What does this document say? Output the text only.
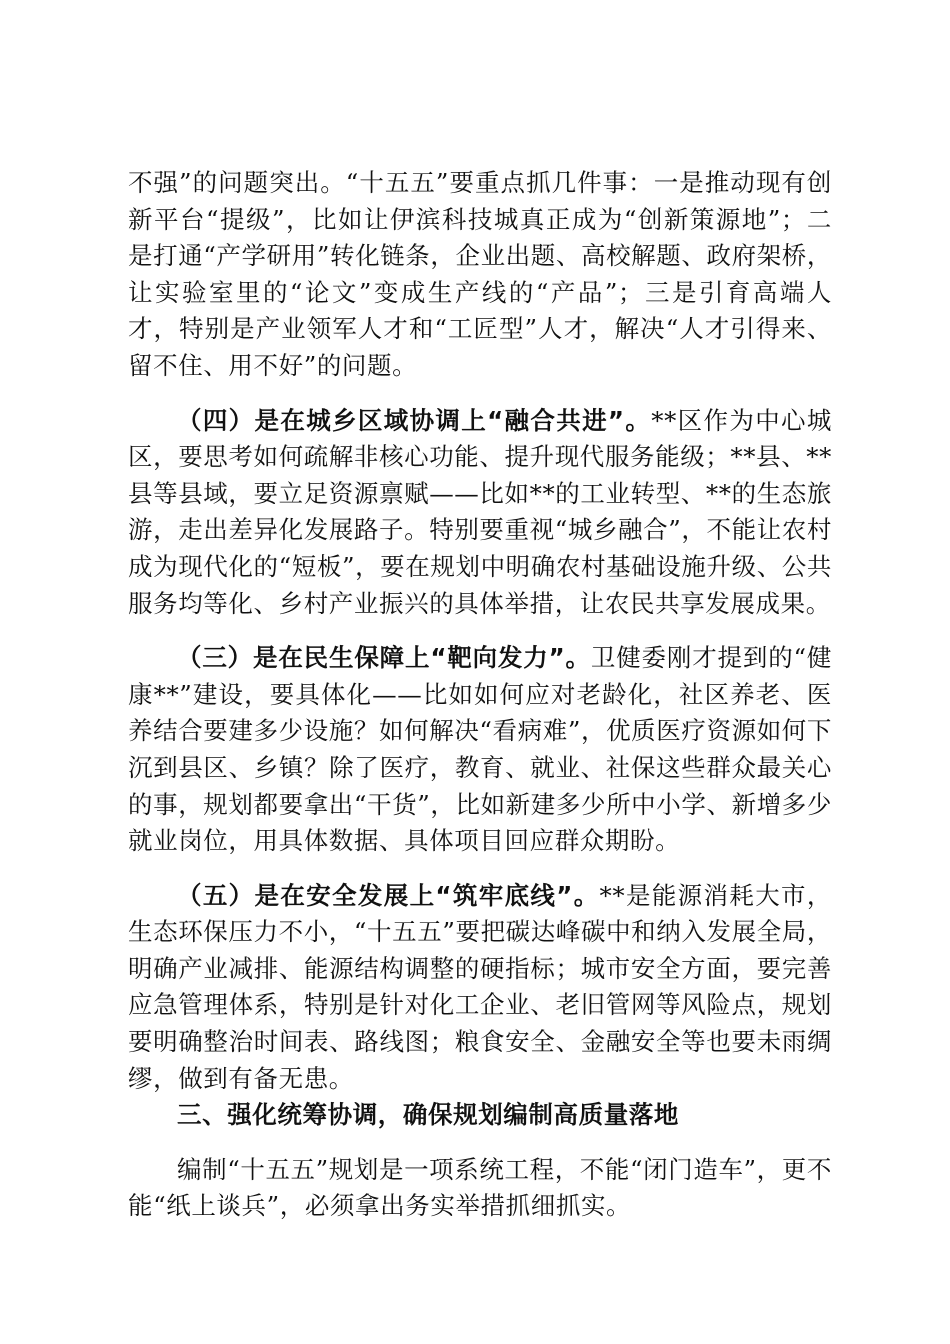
不强”的问题突出。“十五五”要重点抓几件事：一是推动现有创新平台“提级”，比如让伊滨科技城真正成为“创新策源地”；二是打通“产学研用”转化链条，企业出题、高校解题、政府架桥，让实验室里的“论文”变成生产线的“产品”；三是引育高端人才，特别是产业领军人才和“工匠型”人才，解决“人才引得来、留不住、用不好”的问题。

（四）是在城乡区域协调上“融合共进”。**区作为中心城区，要思考如何疏解非核心功能、提升现代服务能级；**县、**县等县域，要立足资源禀赋——比如**的工业转型、**的生态旅游，走出差异化发展路子。特别要重视“城乡融合”，不能让农村成为现代化的“短板”，要在规划中明确农村基础设施升级、公共服务均等化、乡村产业振兴的具体举措，让农民共享发展成果。

（三）是在民生保障上“靶向发力”。卫健委刚才提到的“健康**”建设，要具体化——比如如何应对老龄化，社区养老、医养结合要建多少设施？如何解决“看病难”，优质医疗资源如何下沉到县区、乡镇？除了医疗，教育、就业、社保这些群众最关心的事，规划都要拿出“干货”，比如新建多少所中小学、新增多少就业岗位，用具体数据、具体项目回应群众期盼。

（五）是在安全发展上“筑牢底线”。**是能源消耗大市，生态环保压力不小，“十五五”要把碳达峰碳中和纳入发展全局，明确产业减排、能源结构调整的硬指标；城市安全方面，要完善应急管理体系，特别是针对化工企业、老旧管网等风险点，规划要明确整治时间表、路线图；粮食安全、金融安全等也要未雨绸缪，做到有备无患。

三、强化统筹协调，确保规划编制高质量落地

编制“十五五”规划是一项系统工程，不能“闭门造车”，更不能“纸上谈兵”，必须拿出务实举措抓细抓实。
